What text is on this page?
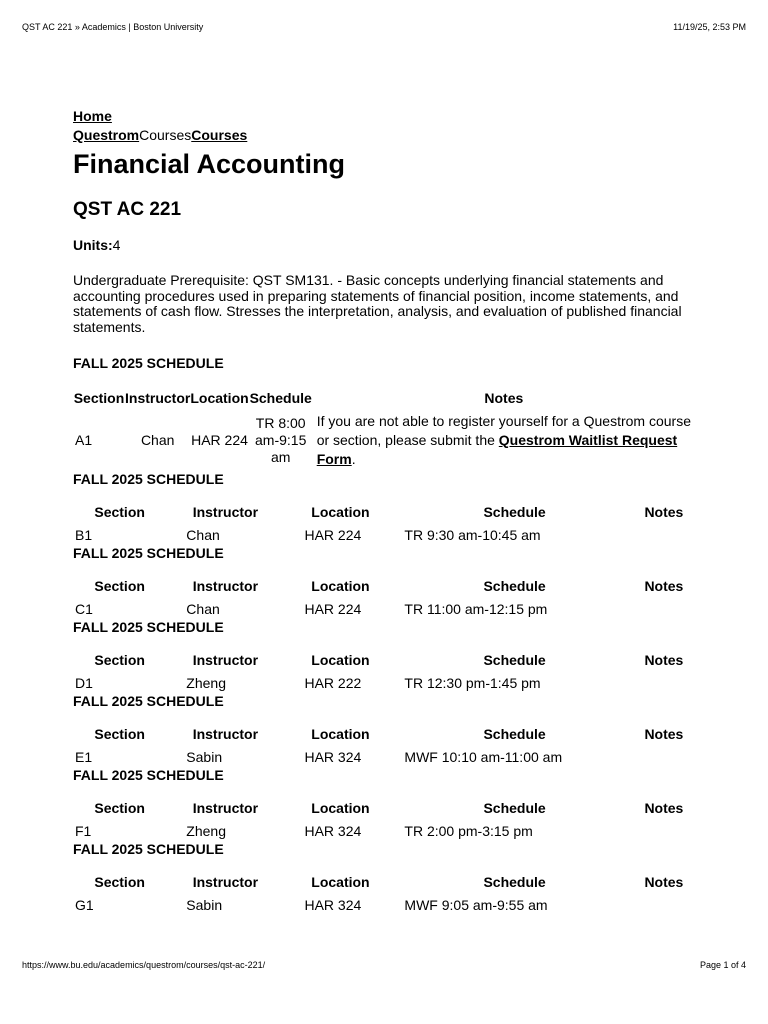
QST AC 221 » Academics | Boston University	11/19/25, 2:53 PM
Home
QuestromCoursesCourses
Financial Accounting
QST AC 221
Units:4
Undergraduate Prerequisite: QST SM131. - Basic concepts underlying financial statements and accounting procedures used in preparing statements of financial position, income statements, and statements of cash flow. Stresses the interpretation, analysis, and evaluation of published financial statements.
FALL 2025 SCHEDULE
Section	Instructor	Location	Schedule	Notes
A1	Chan	HAR 224	TR 8:00 am-9:15 am	If you are not able to register yourself for a Questrom course or section, please submit the Questrom Waitlist Request Form.
FALL 2025 SCHEDULE
Section	Instructor	Location	Schedule	Notes
B1	Chan	HAR 224	TR 9:30 am-10:45 am	
FALL 2025 SCHEDULE
Section	Instructor	Location	Schedule	Notes
C1	Chan	HAR 224	TR 11:00 am-12:15 pm	
FALL 2025 SCHEDULE
Section	Instructor	Location	Schedule	Notes
D1	Zheng	HAR 222	TR 12:30 pm-1:45 pm	
FALL 2025 SCHEDULE
Section	Instructor	Location	Schedule	Notes
E1	Sabin	HAR 324	MWF 10:10 am-11:00 am	
FALL 2025 SCHEDULE
Section	Instructor	Location	Schedule	Notes
F1	Zheng	HAR 324	TR 2:00 pm-3:15 pm	
FALL 2025 SCHEDULE
Section	Instructor	Location	Schedule	Notes
G1	Sabin	HAR 324	MWF 9:05 am-9:55 am	
https://www.bu.edu/academics/questrom/courses/qst-ac-221/	Page 1 of 4
